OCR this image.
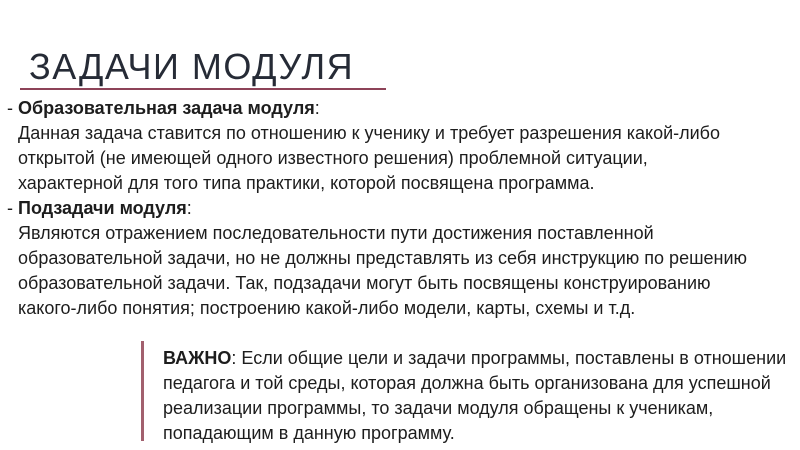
ЗАДАЧИ МОДУЛЯ
- Образовательная задача модуля:
Данная задача ставится по отношению к ученику и требует разрешения какой-либо
открытой (не имеющей одного известного решения) проблемной ситуации,
характерной для того типа практики, которой посвящена программа.
- Подзадачи модуля:
Являются отражением последовательности пути достижения поставленной
образовательной задачи, но не должны представлять из себя инструкцию по решению
образовательной задачи. Так, подзадачи могут быть посвящены конструированию
какого-либо понятия; построению какой-либо модели, карты, схемы и т.д.
ВАЖНО: Если общие цели и задачи программы, поставлены в отношении
педагога и той среды, которая должна быть организована для успешной
реализации программы, то задачи модуля обращены к ученикам,
попадающим в данную программу.
